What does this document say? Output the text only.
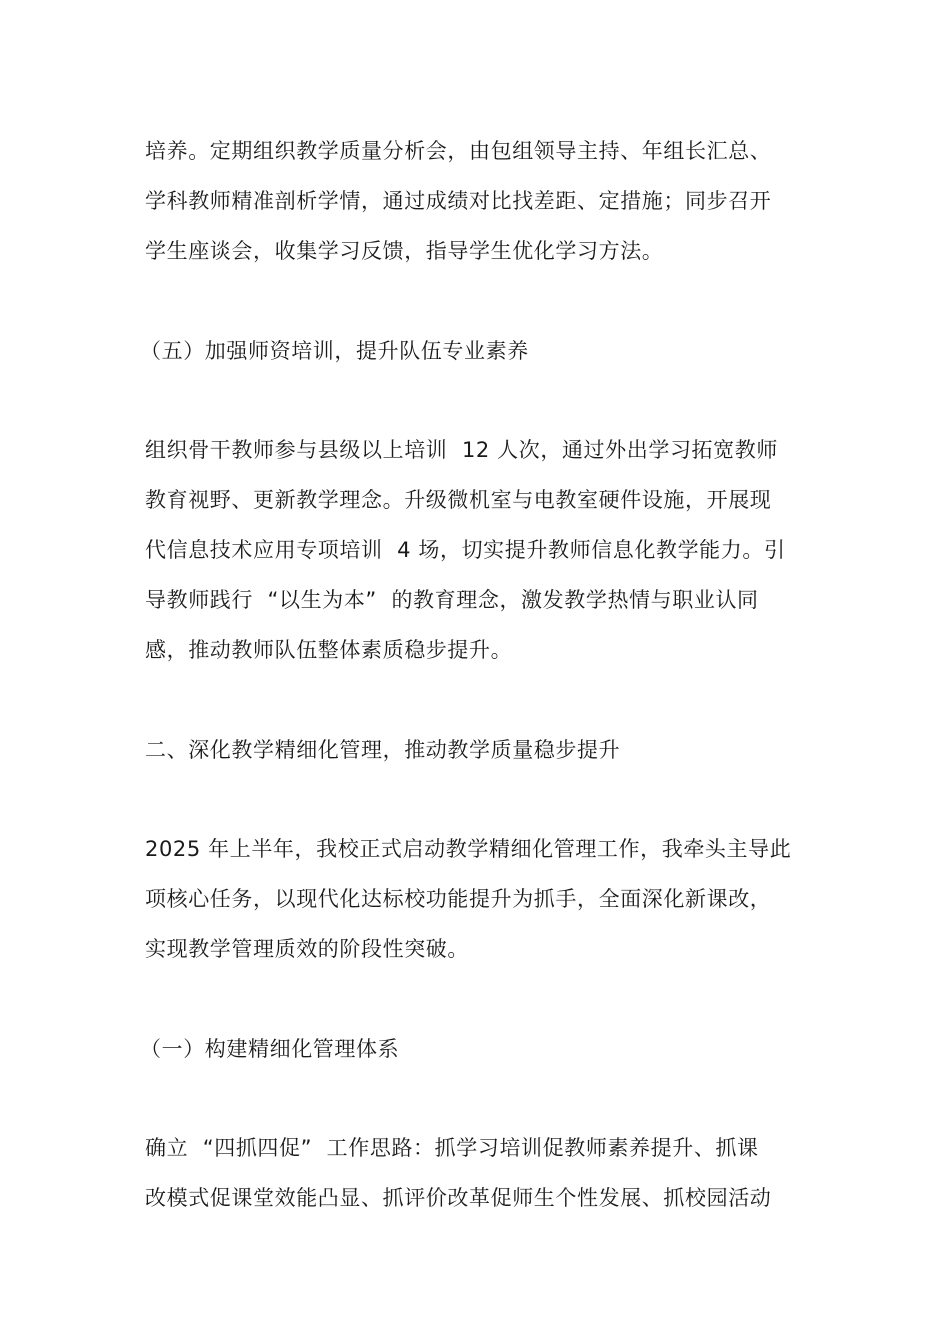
培养。定期组织教学质量分析会，由包组领导主持、年组长汇总、
学科教师精准剖析学情，通过成绩对比找差距、定措施；同步召开
学生座谈会，收集学习反馈，指导学生优化学习方法。
（五）加强师资培训，提升队伍专业素养
组织骨干教师参与县级以上培训  12 人次，通过外出学习拓宽教师
教育视野、更新教学理念。升级微机室与电教室硬件设施，开展现
代信息技术应用专项培训  4 场，切实提升教师信息化教学能力。引
导教师践行  “以生为本”  的教育理念，激发教学热情与职业认同
感，推动教师队伍整体素质稳步提升。
二、深化教学精细化管理，推动教学质量稳步提升
2025 年上半年，我校正式启动教学精细化管理工作，我牵头主导此
项核心任务，以现代化达标校功能提升为抓手，全面深化新课改，
实现教学管理质效的阶段性突破。
（一）构建精细化管理体系
确立  “四抓四促”  工作思路：抓学习培训促教师素养提升、抓课
改模式促课堂效能凸显、抓评价改革促师生个性发展、抓校园活动
